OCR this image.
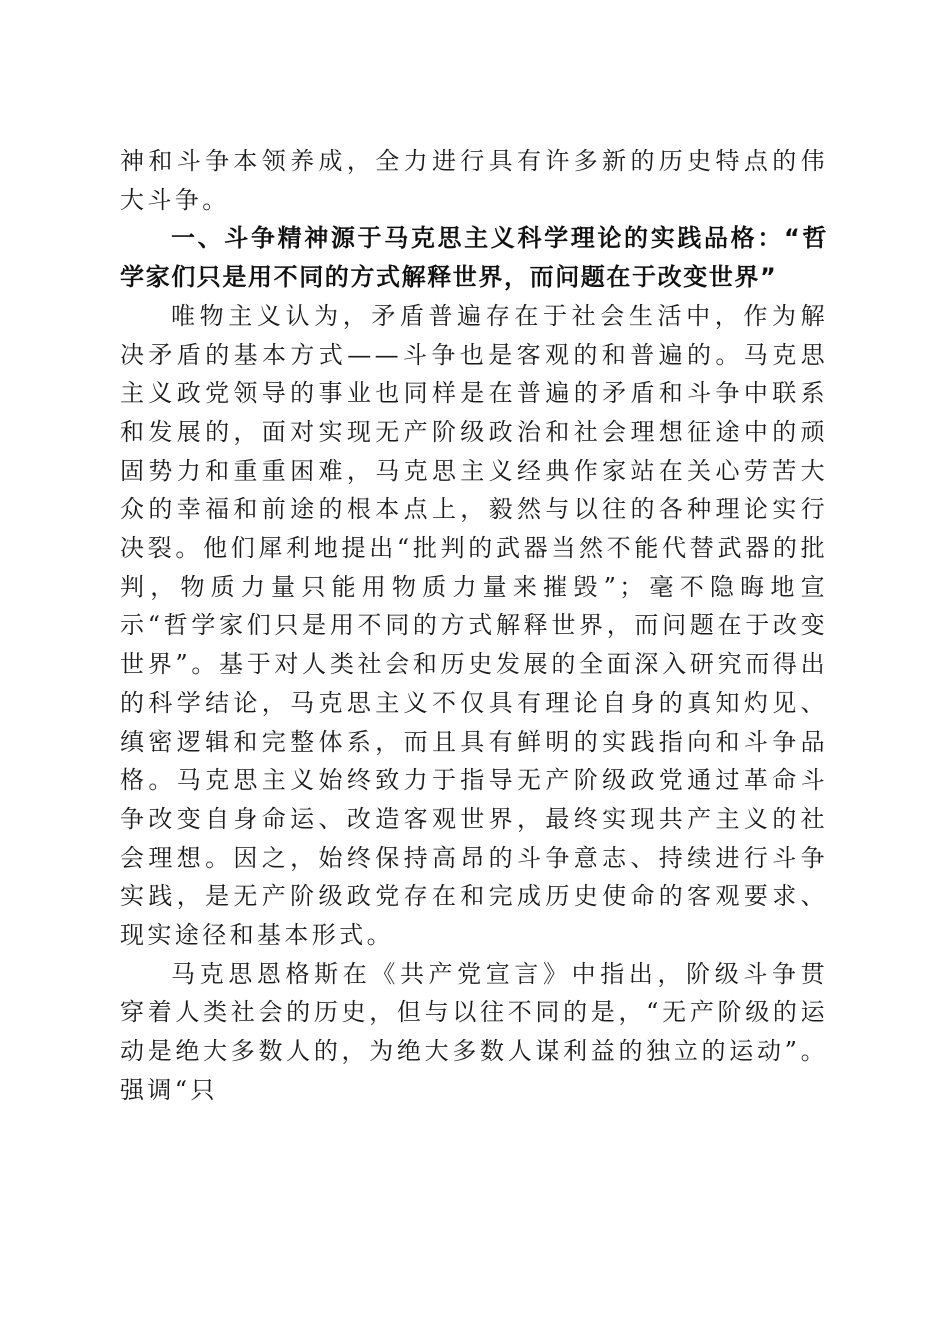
神和斗争本领养成，全力进行具有许多新的历史特点的伟大斗争。

一、斗争精神源于马克思主义科学理论的实践品格：“哲学家们只是用不同的方式解释世界，而问题在于改变世界”

唯物主义认为，矛盾普遍存在于社会生活中，作为解决矛盾的基本方式——斗争也是客观的和普遍的。马克思主义政党领导的事业也同样是在普遍的矛盾和斗争中联系和发展的，面对实现无产阶级政治和社会理想征途中的顽固势力和重重困难，马克思主义经典作家站在关心劳苦大众的幸福和前途的根本点上，毅然与以往的各种理论实行决裂。他们犀利地提出“批判的武器当然不能代替武器的批判，物质力量只能用物质力量来摧毁”；毫不隐晦地宣示“哲学家们只是用不同的方式解释世界，而问题在于改变世界”。基于对人类社会和历史发展的全面深入研究而得出的科学结论，马克思主义不仅具有理论自身的真知灼见、缜密逻辑和完整体系，而且具有鲜明的实践指向和斗争品格。马克思主义始终致力于指导无产阶级政党通过革命斗争改变自身命运、改造客观世界，最终实现共产主义的社会理想。因之，始终保持高昂的斗争意志、持续进行斗争实践，是无产阶级政党存在和完成历史使命的客观要求、现实途径和基本形式。

马克思恩格斯在《共产党宣言》中指出，阶级斗争贯穿着人类社会的历史，但与以往不同的是，“无产阶级的运动是绝大多数人的，为绝大多数人谋利益的独立的运动”。强调“只
